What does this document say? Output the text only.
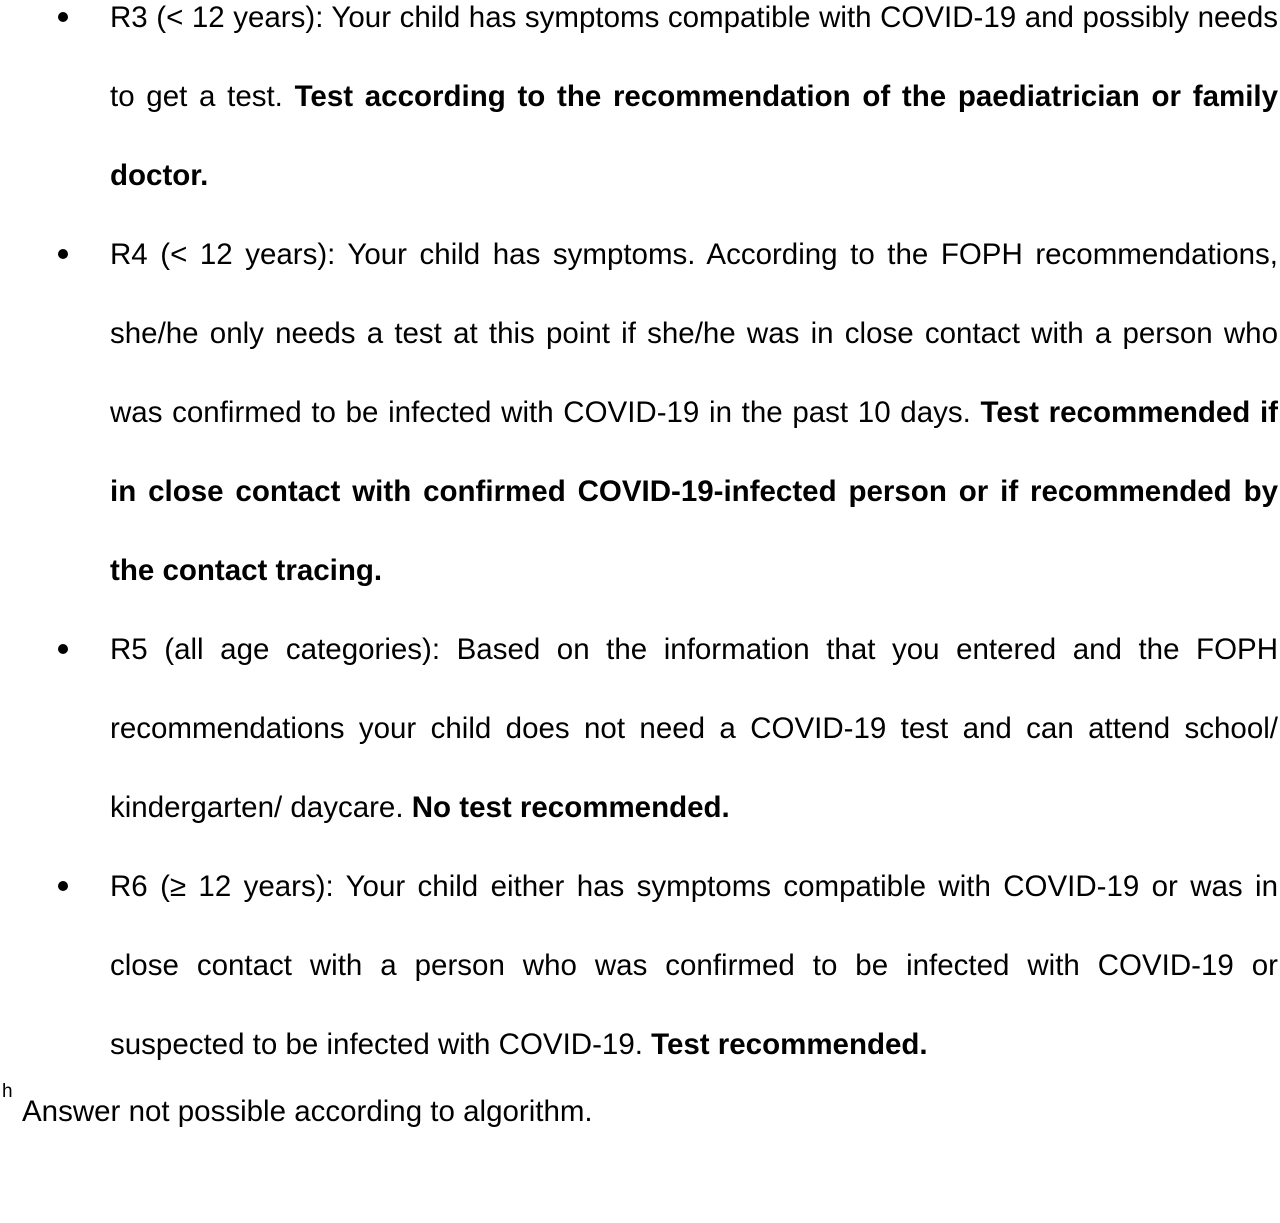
R3 (< 12 years): Your child has symptoms compatible with COVID-19 and possibly needs to get a test. Test according to the recommendation of the paediatrician or family doctor.
R4 (< 12 years): Your child has symptoms. According to the FOPH recommendations, she/he only needs a test at this point if she/he was in close contact with a person who was confirmed to be infected with COVID-19 in the past 10 days. Test recommended if in close contact with confirmed COVID-19-infected person or if recommended by the contact tracing.
R5 (all age categories): Based on the information that you entered and the FOPH recommendations your child does not need a COVID-19 test and can attend school/ kindergarten/ daycare. No test recommended.
R6 (≥ 12 years): Your child either has symptoms compatible with COVID-19 or was in close contact with a person who was confirmed to be infected with COVID-19 or suspected to be infected with COVID-19. Test recommended.
h
Answer not possible according to algorithm.
